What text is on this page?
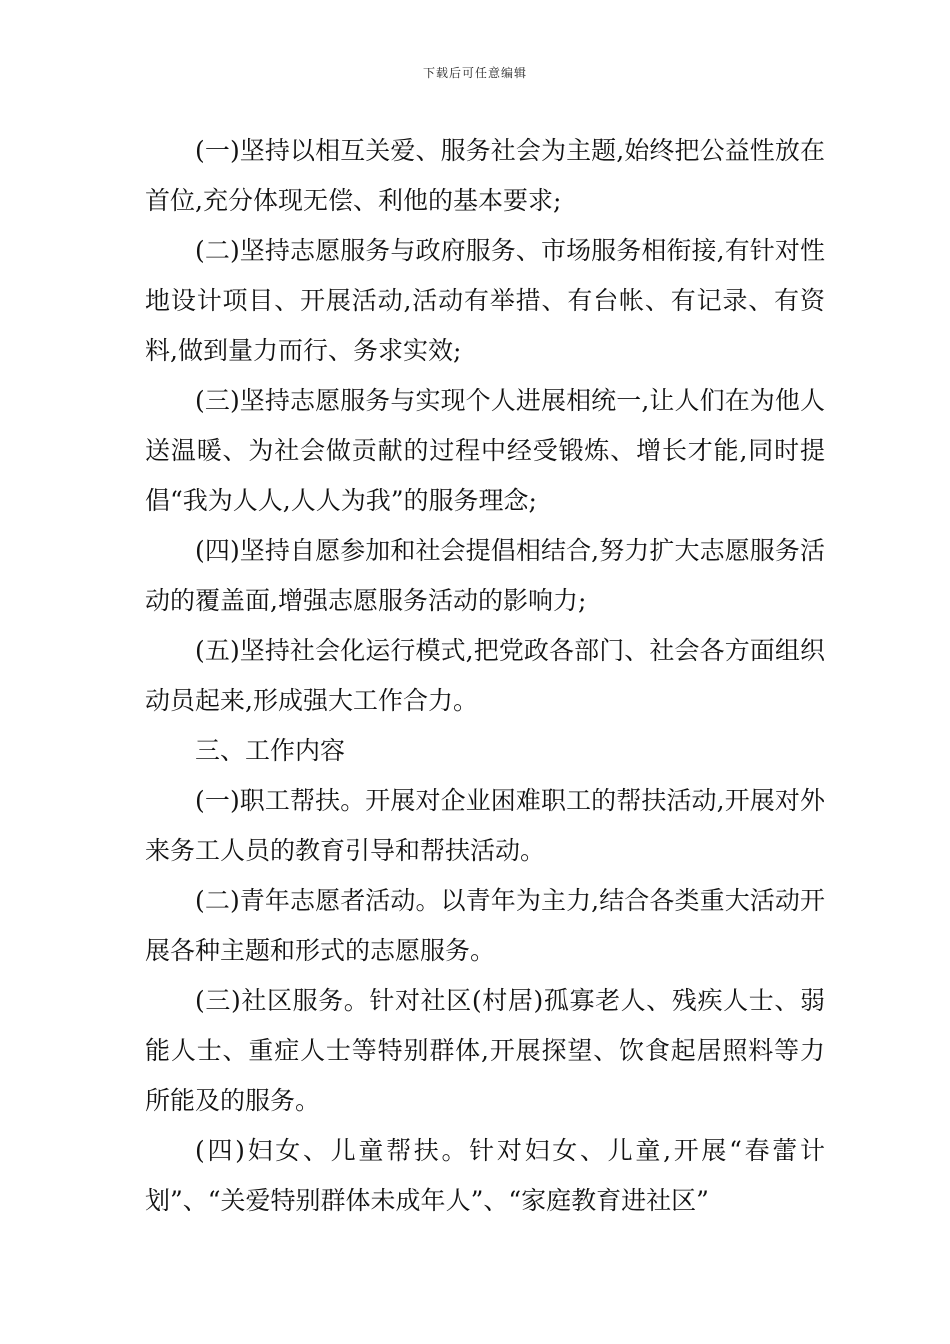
下载后可任意编辑

(一)坚持以相互关爱、服务社会为主题,始终把公益性放在首位,充分体现无偿、利他的基本要求;

(二)坚持志愿服务与政府服务、市场服务相衔接,有针对性地设计项目、开展活动,活动有举措、有台帐、有记录、有资料,做到量力而行、务求实效;

(三)坚持志愿服务与实现个人进展相统一,让人们在为他人送温暖、为社会做贡献的过程中经受锻炼、增长才能,同时提倡“我为人人,人人为我”的服务理念;

(四)坚持自愿参加和社会提倡相结合,努力扩大志愿服务活动的覆盖面,增强志愿服务活动的影响力;

(五)坚持社会化运行模式,把党政各部门、社会各方面组织动员起来,形成强大工作合力。

三、工作内容

(一)职工帮扶。开展对企业困难职工的帮扶活动,开展对外来务工人员的教育引导和帮扶活动。

(二)青年志愿者活动。以青年为主力,结合各类重大活动开展各种主题和形式的志愿服务。

(三)社区服务。针对社区(村居)孤寡老人、残疾人士、弱能人士、重症人士等特别群体,开展探望、饮食起居照料等力所能及的服务。

(四)妇女、儿童帮扶。针对妇女、儿童,开展“春蕾计划”、“关爱特别群体未成年人”、“家庭教育进社区”
